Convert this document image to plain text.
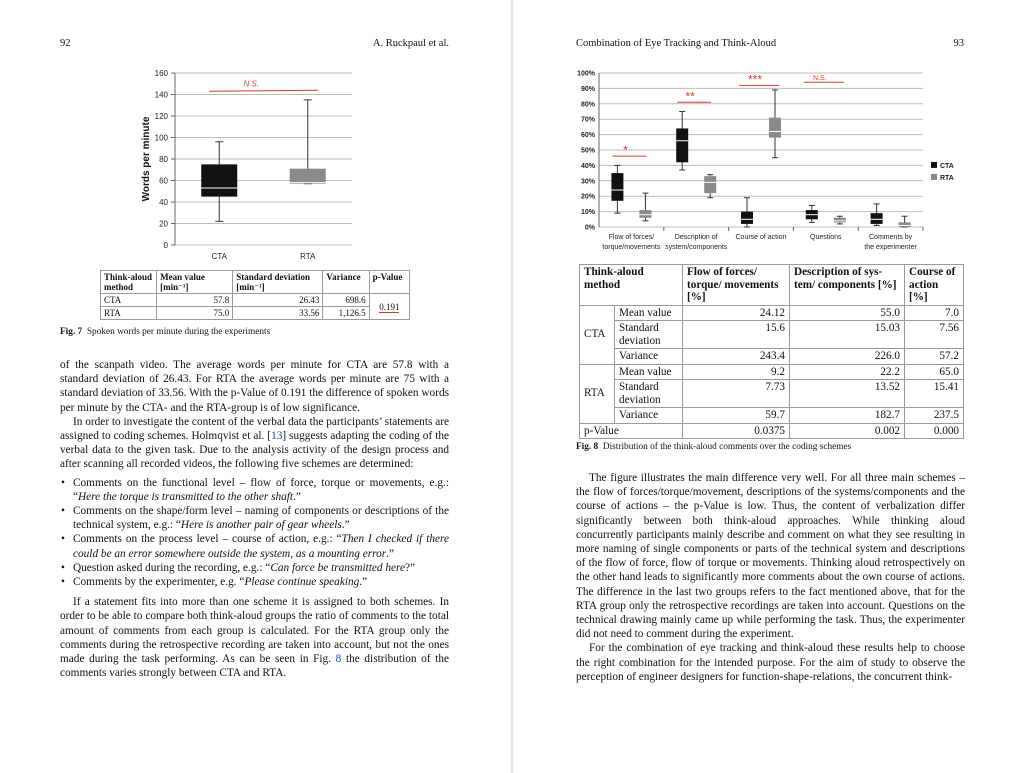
92	A. Ruckpaul et al.
0
20
40
60
80
100
120
140
160
Words per minute
CTA	RTA
N.S.
Think-aloud method	Mean value [min⁻¹]	Standard deviation [min⁻¹]	Variance	p-Value
CTA	57.8	26.43	698.6	0.191
RTA	75.0	33.56	1,126.5	
Fig. 7 Spoken words per minute during the experiments

of the scanpath video. The average words per minute for CTA are 57.8 with a standard deviation of 26.43. For RTA the average words per minute are 75 with a standard deviation of 33.56. With the p-Value of 0.191 the difference of spoken words per minute by the CTA- and the RTA-group is of low significance.

In order to investigate the content of the verbal data the participants’ statements are assigned to coding schemes. Holmqvist et al. [13] suggests adapting the coding of the verbal data to the given task. Due to the analysis activity of the design process and after scanning all recorded videos, the following five schemes are determined:

• Comments on the functional level – flow of force, torque or movements, e.g.: “Here the torque is transmitted to the other shaft.”
• Comments on the shape/form level – naming of components or descriptions of the technical system, e.g.: “Here is another pair of gear wheels.”
• Comments on the process level – course of action, e.g.: “Then I checked if there could be an error somewhere outside the system, as a mounting error.”
• Question asked during the recording, e.g.: “Can force be transmitted here?”
• Comments by the experimenter, e.g. “Please continue speaking.”

If a statement fits into more than one scheme it is assigned to both schemes. In order to be able to compare both think-aloud groups the ratio of comments to the total amount of comments from each group is calculated. For the RTA group only the comments during the retrospective recording are taken into account, but not the ones made during the task performing. As can be seen in Fig. 8 the distribution of the comments varies strongly between CTA and RTA.

Combination of Eye Tracking and Think-Aloud	93
0%
10%
20%
30%
40%
50%
60%
70%
80%
90%
100%
Flow of forces/
torque/movements
Description of
system/components
Course of action	Questions	Comments by
the experimenter
CTA
RTA
*
**
***	N.S.
Think-aloud method		Flow of forces/ torque/ movements [%]	Description of sys-tem/ components [%]	Course of action [%]
CTA	Mean value	24.12	55.0	7.0
	Standard deviation	15.6	15.03	7.56
	Variance	243.4	226.0	57.2
RTA	Mean value	9.2	22.2	65.0
	Standard deviation	7.73	13.52	15.41
	Variance	59.7	182.7	237.5
p-Value		0.0375	0.002	0.000
Fig. 8 Distribution of the think-aloud comments over the coding schemes

The figure illustrates the main difference very well. For all three main schemes – the flow of forces/torque/movement, descriptions of the systems/components and the course of actions – the p-Value is low. Thus, the content of verbalization differ significantly between both think-aloud approaches. While thinking aloud concurrently participants mainly describe and comment on what they see resulting in more naming of single components or parts of the technical system and descriptions of the flow of force, flow of torque or movements. Thinking aloud retrospectively on the other hand leads to significantly more comments about the own course of actions. The difference in the last two groups refers to the fact mentioned above, that for the RTA group only the retrospective recordings are taken into account. Questions on the technical drawing mainly came up while performing the task. Thus, the experimenter did not need to comment during the experiment.

For the combination of eye tracking and think-aloud these results help to choose the right combination for the intended purpose. For the aim of study to observe the perception of engineer designers for function-shape-relations, the concurrent think-
